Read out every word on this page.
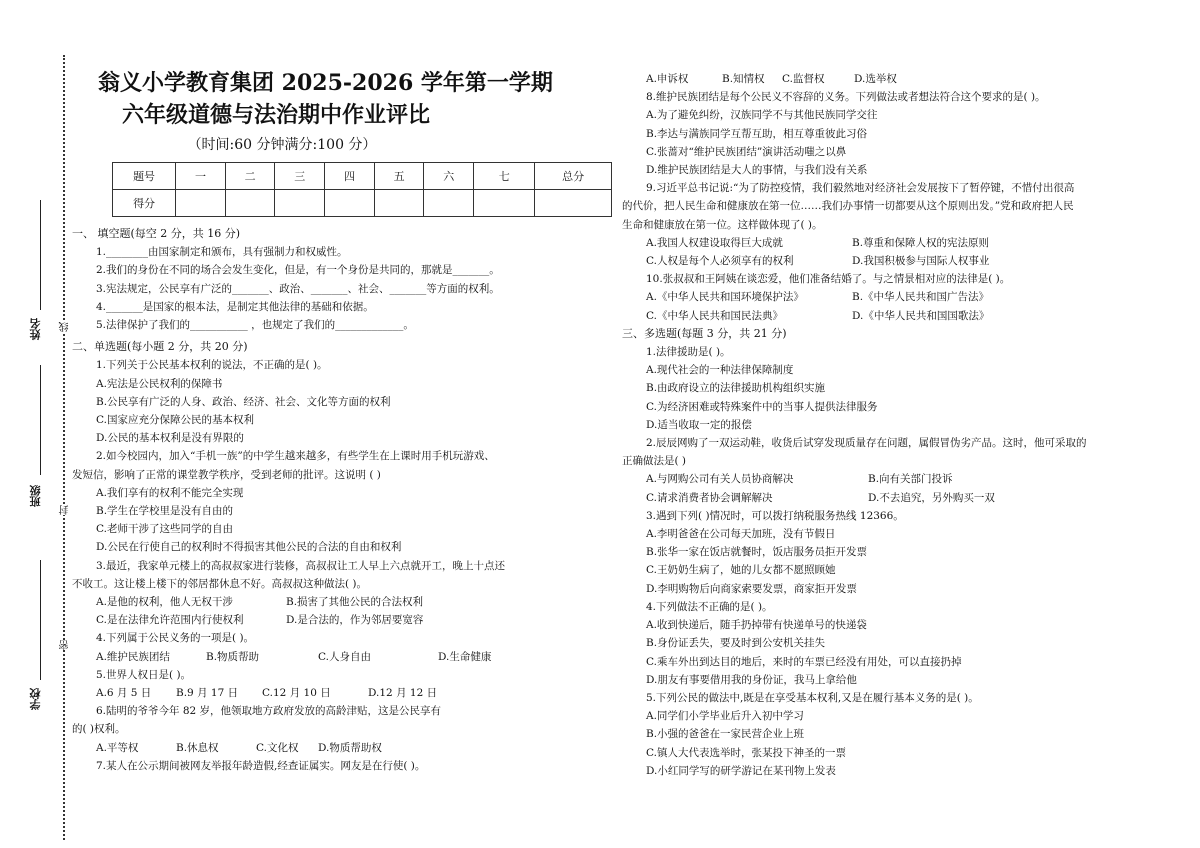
姓名
班级
学校
线
封
密
翁义小学教育集团 2025-2026 学年第一学期
六年级道德与法治期中作业评比
（时间:60 分钟满分:100 分）
题号	一	二	三	四	五	六	七	总分
得分								
一、 填空题(每空 2 分，共 16 分)
1.________由国家制定和颁布，具有强制力和权威性。
2.我们的身份在不同的场合会发生变化，但是，有一个身份是共同的，那就是_______。
3.宪法规定，公民享有广泛的_______、政治、_______、社会、_______等方面的权利。
4._______是国家的根本法，是制定其他法律的基础和依据。
5.法律保护了我们的___________ ，也规定了我们的_____________。
二、单选题(每小题 2 分，共 20 分)
1.下列关于公民基本权利的说法，不正确的是( )。
A.宪法是公民权利的保障书
B.公民享有广泛的人身、政治、经济、社会、文化等方面的权利
C.国家应充分保障公民的基本权利
D.公民的基本权利是没有界限的
2.如今校园内，加入“手机一族”的中学生越来越多，有些学生在上课时用手机玩游戏、
发短信，影响了正常的课堂教学秩序，受到老师的批评。这说明 ( )
A.我们享有的权利不能完全实现
B.学生在学校里是没有自由的
C.老师干涉了这些同学的自由
D.公民在行使自己的权利时不得损害其他公民的合法的自由和权利
3.最近，我家单元楼上的高叔叔家进行装修，高叔叔让工人早上六点就开工，晚上十点还
不收工。这让楼上楼下的邻居都休息不好。高叔叔这种做法( )。
A.是他的权利，他人无权干涉	B.损害了其他公民的合法权利
C.是在法律允许范围内行使权利	D.是合法的，作为邻居要宽容
4.下列属于公民义务的一项是( )。
A.维护民族团结	B.物质帮助	C.人身自由	D.生命健康
5.世界人权日是( )。
A.6 月 5 日	B.9 月 17 日	C.12 月 10 日	D.12 月 12 日
6.陆明的爷爷今年 82 岁，他领取地方政府发放的高龄津贴，这是公民享有
的( )权利。
A.平等权	B.休息权	C.文化权	D.物质帮助权
7.某人在公示期间被网友举报年龄造假,经查证属实。网友是在行使( )。
A.申诉权	B.知情权	C.监督权	D.选举权
8.维护民族团结是每个公民义不容辞的义务。下列做法或者想法符合这个要求的是( )。
A.为了避免纠纷，汉族同学不与其他民族同学交往
B.李达与满族同学互帮互助，相互尊重彼此习俗
C.张蔷对“维护民族团结”演讲活动嗤之以鼻
D.维护民族团结是大人的事情，与我们没有关系
9.习近平总书记说:“为了防控疫情，我们毅然地对经济社会发展按下了暂停键，不惜付出很高
的代价，把人民生命和健康放在第一位……我们办事情一切都要从这个原则出发。”党和政府把人民
生命和健康放在第一位。这样做体现了( )。
A.我国人权建设取得巨大成就	B.尊重和保障人权的宪法原则
C.人权是每个人必须享有的权利	D.我国积极参与国际人权事业
10.张叔叔和王阿姨在谈恋爱，他们准备结婚了。与之情景相对应的法律是( )。
A.《中华人民共和国环境保护法》	B.《中华人民共和国广告法》
C.《中华人民共和国民法典》	D.《中华人民共和国国歌法》
三、多选题(每题 3 分，共 21 分)
1.法律援助是( )。
A.现代社会的一种法律保障制度
B.由政府设立的法律援助机构组织实施
C.为经济困难或特殊案件中的当事人提供法律服务
D.适当收取一定的报偿
2.辰辰网购了一双运动鞋，收货后试穿发现质量存在问题，属假冒伪劣产品。这时，他可采取的
正确做法是( )
A.与网购公司有关人员协商解决	B.向有关部门投诉
C.请求消费者协会调解解决	D.不去追究，另外购买一双
3.遇到下列( )情况时，可以拨打纳税服务热线 12366。
A.李明爸爸在公司每天加班，没有节假日
B.张华一家在饭店就餐时，饭店服务员拒开发票
C.王奶奶生病了，她的儿女都不愿照顾她
D.李明购物后向商家索要发票，商家拒开发票
4.下列做法不正确的是( )。
A.收到快递后，随手扔掉带有快递单号的快递袋
B.身份证丢失，要及时到公安机关挂失
C.乘车外出到达目的地后，来时的车票已经没有用处，可以直接扔掉
D.朋友有事要借用我的身份证，我马上拿给他
5.下列公民的做法中,既是在享受基本权利,又是在履行基本义务的是( )。
A.同学们小学毕业后升入初中学习
B.小强的爸爸在一家民营企业上班
C.镇人大代表选举时，张某投下神圣的一票
D.小红同学写的研学游记在某刊物上发表
